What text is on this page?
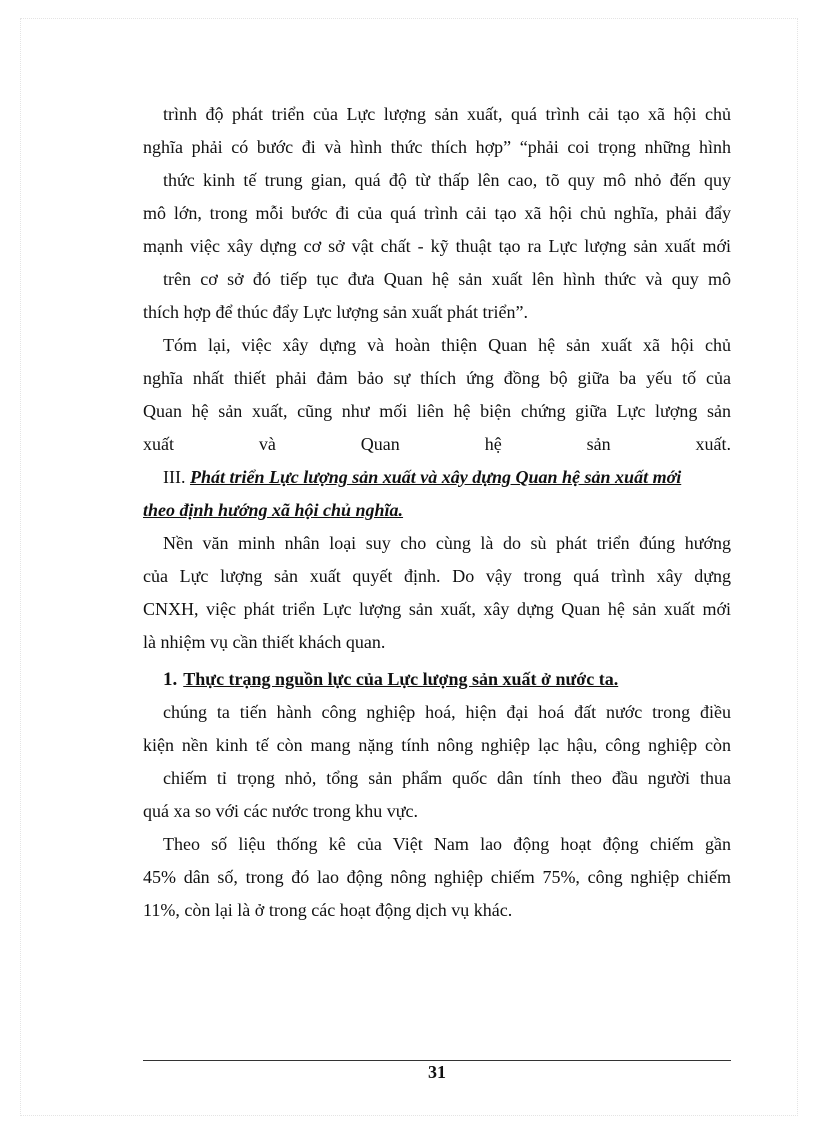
trình độ phát triển của Lực lượng sản xuất, quá trình cải tạo xã hội chủ
nghĩa phải có bước đi và hình thức thích hợp” “phải coi trọng những hình
thức kinh tế trung gian, quá độ từ thấp lên cao, tõ quy mô nhỏ đến quy
mô lớn, trong mỗi bước đi của quá trình cải tạo xã hội chủ nghĩa, phải đẩy
mạnh việc xây dựng cơ sở vật chất - kỹ thuật tạo ra Lực lượng sản xuất mới
trên cơ sở đó tiếp tục đưa Quan hệ sản xuất lên hình thức và quy mô
thích hợp để thúc đẩy Lực lượng sản xuất phát triển”.
Tóm lại, việc xây dựng và hoàn thiện Quan hệ sản xuất xã hội chủ
nghĩa nhất thiết phải đảm bảo sự thích ứng đồng bộ giữa ba yếu tố của
Quan hệ sản xuất, cũng như mối liên hệ biện chứng giữa Lực lượng sản
xuất và Quan hệ sản xuất.
III. Phát triển Lực lượng sản xuất và xây dựng Quan hệ sản xuất mới
theo định hướng xã hội chủ nghĩa.
Nền văn minh nhân loại suy cho cùng là do sù phát triển đúng hướng
của Lực lượng sản xuất quyết định. Do vậy trong quá trình xây dựng
CNXH, việc phát triển Lực lượng sản xuất, xây dựng Quan hệ sản xuất mới
là nhiệm vụ cần thiết khách quan.
1. Thực trạng nguồn lực của Lực lượng sản xuất ở nước ta.
chúng ta tiến hành công nghiệp hoá, hiện đại hoá đất nước trong điều
kiện nền kinh tế còn mang nặng tính nông nghiệp lạc hậu, công nghiệp còn
chiếm tỉ trọng nhỏ, tổng sản phẩm quốc dân tính theo đầu người thua
quá xa so với các nước trong khu vực.
Theo số liệu thống kê của Việt Nam lao động hoạt động chiếm gần
45% dân số, trong đó lao động nông nghiệp chiếm 75%, công nghiệp chiếm
11%, còn lại là ở trong các hoạt động dịch vụ khác.
31
